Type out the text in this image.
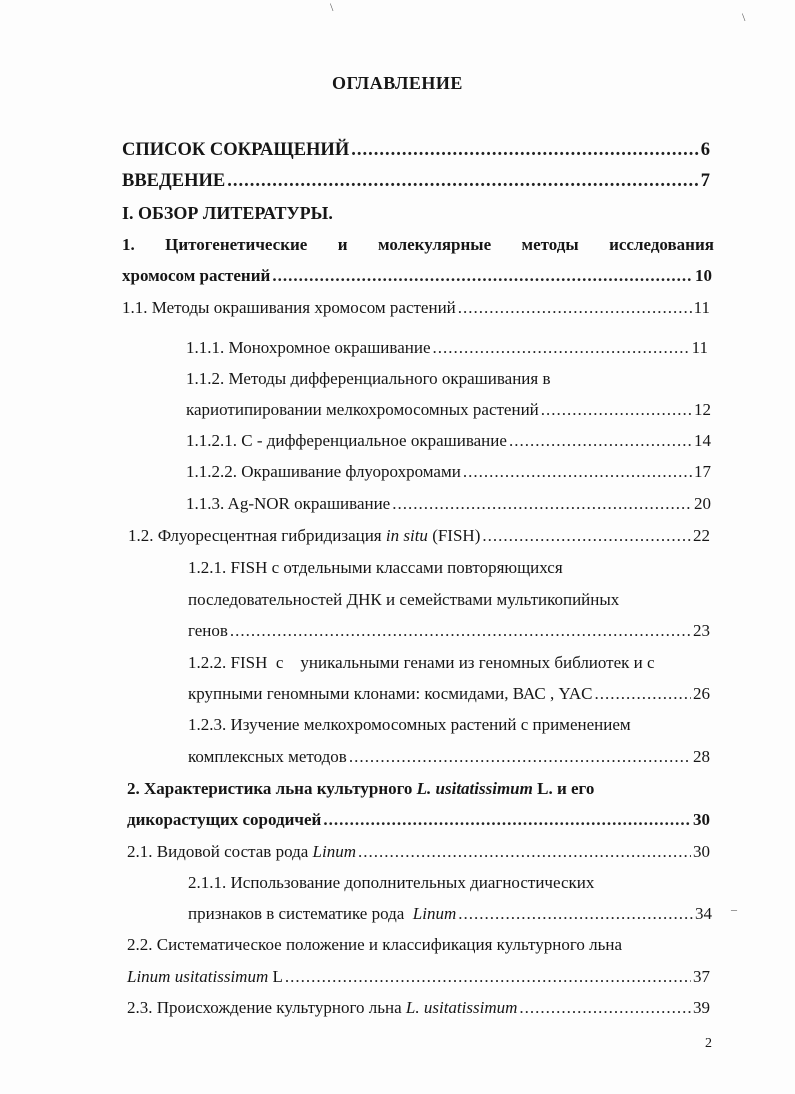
\
\
–
ОГЛАВЛЕНИЕ
СПИСОК СОКРАЩЕНИЙ .....	6
ВВЕДЕНИЕ .....	7
I. ОБЗОР ЛИТЕРАТУРЫ.
1. Цитогенетические и молекулярные методы исследования
хромосом растений .....	10
1.1. Методы окрашивания хромосом растений .....	11
1.1.1. Монохромное окрашивание .....	11
1.1.2. Методы дифференциального окрашивания в
кариотипировании мелкохромосомных растений .....	12
1.1.2.1. С - дифференциальное окрашивание .....	14
1.1.2.2. Окрашивание флуорохромами .....	17
1.1.3. Ag-NOR окрашивание .....	20
1.2. Флуоресцентная гибридизация in situ (FISH) .....	22
1.2.1. FISH с отдельными классами повторяющихся
последовательностей ДНК и семействами мультикопийных
генов .....	23
1.2.2. FISH  с    уникальными генами из геномных библиотек и с
крупными геномными клонами: космидами, ВАС , YAC .....	26
1.2.3. Изучение мелкохромосомных растений с применением
комплексных методов .....	28
2. Характеристика льна культурного L. usitatissimum L. и его
дикорастущих сородичей .....	30
2.1. Видовой состав рода Linum .....	30
2.1.1. Использование дополнительных диагностических
признаков в систематике рода  Linum .....	34
2.2. Систематическое положение и классификация культурного льна
Linum usitatissimum L .....	37
2.3. Происхождение культурного льна L. usitatissimum .....	39
2
